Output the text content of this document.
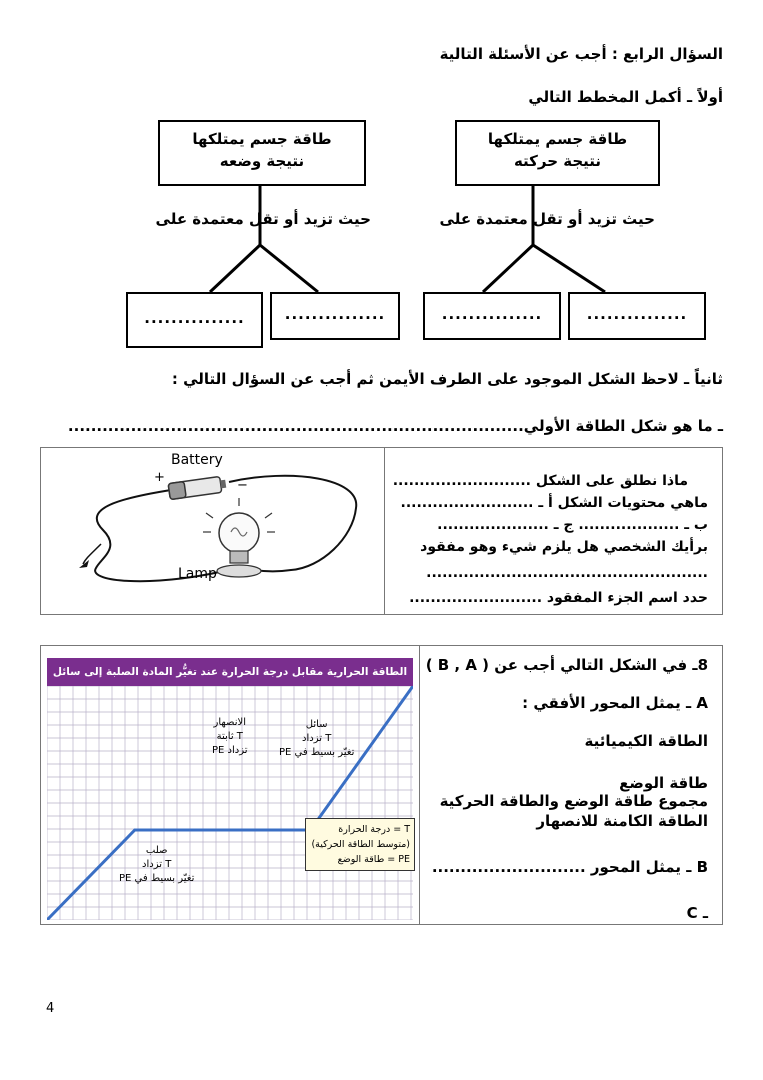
السؤال الرابع : أجب عن الأسئلة التالية
أولاً ـ أكمل المخطط التالي
طاقة جسم يمتلكها نتيجة حركته
طاقة جسم يمتلكها نتيجة وضعه
حيث تزيد أو تقل معتمدة على
حيث تزيد أو تقل معتمدة على
...............
...............
...............
...............
ثانياً ـ لاحظ الشكل الموجود على الطرف الأيمن ثم أجب عن السؤال التالي :
ـ ما هو شكل الطاقة الأولي................................................................................
Battery
+
−
Lamp
ماذا نطلق على الشكل ..........................
ماهي محتويات الشكل أ ـ .........................
ب ـ ................... ج ـ .....................
برأيك الشخصي هل يلزم شيء وهو مفقود
.....................................................
حدد اسم الجزء المفقود .........................
الطاقة الحرارية مقابل درجة الحرارة عند تغيُّر المادة الصلبة إلى سائل
الانصهار
T ثابتة
تزداد PE
سائل
T تزداد
تغيّر بسيط في PE
صلب
T تزداد
تغيّر بسيط في PE
T = درجة الحرارة
(متوسط الطاقة الحركية)
PE = طاقة الوضع
8ـ في الشكل التالي أجب عن ( B , A )
A ـ يمثل المحور الأفقي :
الطاقة الكيميائية
طاقة الوضع
مجموع طاقة الوضع والطاقة الحركية
الطاقة الكامنة للانصهار
B ـ يمثل المحور ...........................
ـ C
4
